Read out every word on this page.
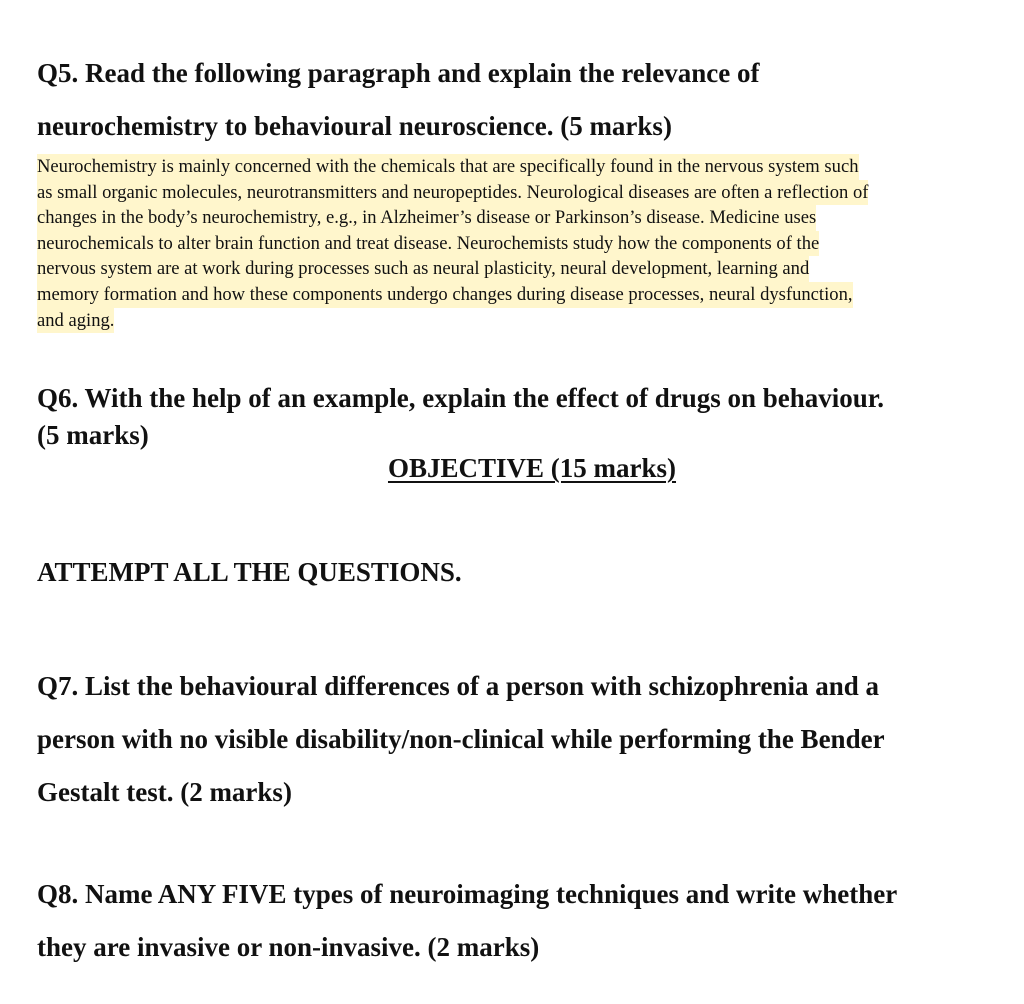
Q5. Read the following paragraph and explain the relevance of
neurochemistry to behavioural neuroscience. (5 marks)
Neurochemistry is mainly concerned with the chemicals that are specifically found in the nervous system such
as small organic molecules, neurotransmitters and neuropeptides. Neurological diseases are often a reflection of
changes in the body’s neurochemistry, e.g., in Alzheimer’s disease or Parkinson’s disease. Medicine uses
neurochemicals to alter brain function and treat disease. Neurochemists study how the components of the
nervous system are at work during processes such as neural plasticity, neural development, learning and
memory formation and how these components undergo changes during disease processes, neural dysfunction,
and aging.
Q6. With the help of an example, explain the effect of drugs on behaviour.
(5 marks)
OBJECTIVE (15 marks)
ATTEMPT ALL THE QUESTIONS.
Q7. List the behavioural differences of a person with schizophrenia and a
person with no visible disability/non-clinical while performing the Bender
Gestalt test. (2 marks)
Q8. Name ANY FIVE types of neuroimaging techniques and write whether
they are invasive or non-invasive. (2 marks)
